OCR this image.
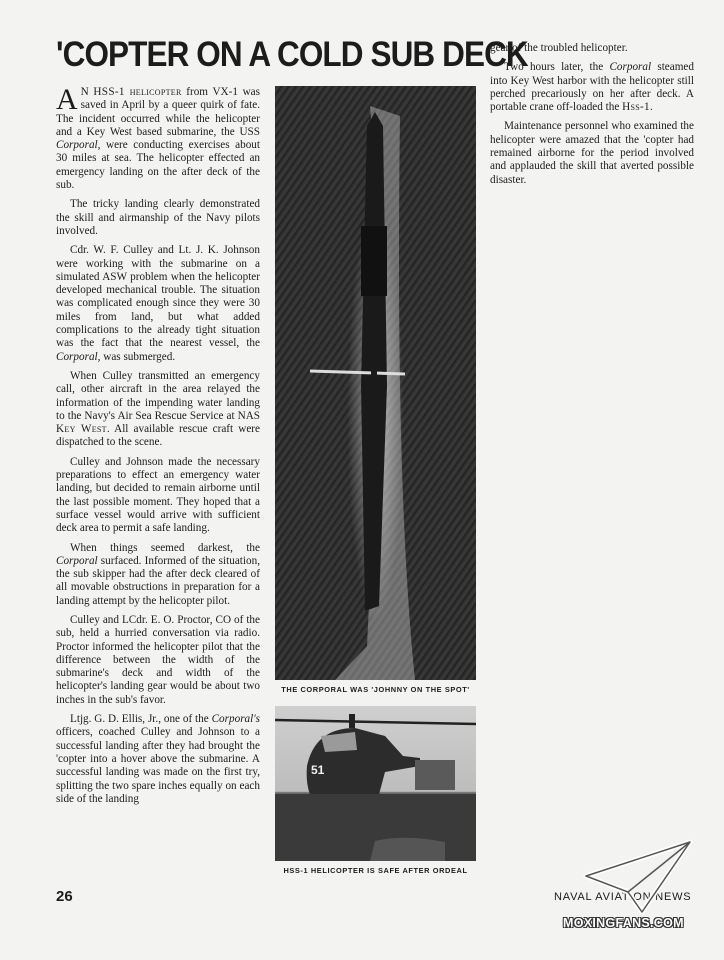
'COPTER ON A COLD SUB DECK

A N HSS-1 helicopter from VX-1 was saved in April by a queer quirk of fate. The incident occurred while the helicopter and a Key West based submarine, the USS Corporal, were conducting exercises about 30 miles at sea. The helicopter effected an emergency landing on the after deck of the sub.

The tricky landing clearly demonstrated the skill and airmanship of the Navy pilots involved.

Cdr. W. F. Culley and Lt. J. K. Johnson were working with the submarine on a simulated ASW problem when the helicopter developed mechanical trouble. The situation was complicated enough since they were 30 miles from land, but what added complications to the already tight situation was the fact that the nearest vessel, the Corporal, was submerged.

When Culley transmitted an emergency call, other aircraft in the area relayed the information of the impending water landing to the Navy's Air Sea Rescue Service at NAS Key West. All available rescue craft were dispatched to the scene.

Culley and Johnson made the necessary preparations to effect an emergency water landing, but decided to remain airborne until the last possible moment. They hoped that a surface vessel would arrive with sufficient deck area to permit a safe landing.

When things seemed darkest, the Corporal surfaced. Informed of the situation, the sub skipper had the after deck cleared of all movable obstructions in preparation for a landing attempt by the helicopter pilot.

Culley and LCdr. E. O. Proctor, CO of the sub, held a hurried conversation via radio. Proctor informed the helicopter pilot that the difference between the width of the submarine's deck and width of the helicopter's landing gear would be about two inches in the sub's favor.

Ltjg. G. D. Ellis, Jr., one of the Corporal's officers, coached Culley and Johnson to a successful landing after they had brought the 'copter into a hover above the submarine. A successful landing was made on the first try, splitting the two spare inches equally on each side of the landing

THE CORPORAL WAS 'JOHNNY ON THE SPOT'
51
HSS-1 HELICOPTER IS SAFE AFTER ORDEAL

gear of the troubled helicopter.

Two hours later, the Corporal steamed into Key West harbor with the helicopter still perched precariously on her after deck. A portable crane off-loaded the Hss-1.

Maintenance personnel who examined the helicopter were amazed that the 'copter had remained airborne for the period involved and applauded the skill that averted possible disaster.

26	NAVAL AVIATION NEWS
MOXINGFANS.COM
